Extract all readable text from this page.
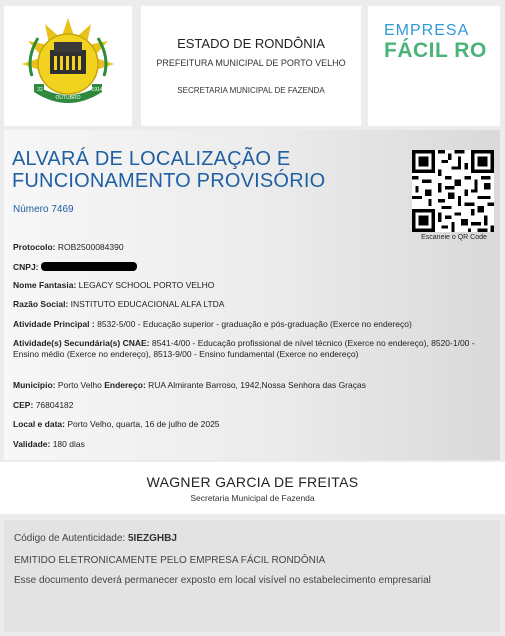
OUTUBRO
22	1914
ESTADO DE RONDÔNIA
PREFEITURA MUNICIPAL DE PORTO VELHO
SECRETARIA MUNICIPAL DE FAZENDA
EMPRESA
FÁCIL RO
ALVARÁ DE LOCALIZAÇÃO E FUNCIONAMENTO PROVISÓRIO
Número 7469
Escaneie o QR Code
Protocolo: ROB2500084390
CNPJ:
Nome Fantasia: LEGACY SCHOOL PORTO VELHO
Razão Social: INSTITUTO EDUCACIONAL ALFA LTDA
Atividade Principal : 8532-5/00 - Educação superior - graduação e pós-graduação (Exerce no endereço)
Atividade(s) Secundária(s) CNAE: 8541-4/00 - Educação profissional de nível técnico (Exerce no endereço), 8520-1/00 - Ensino médio (Exerce no endereço), 8513-9/00 - Ensino fundamental (Exerce no endereço)
Município: Porto Velho Endereço: RUA Almirante Barroso, 1942,Nossa Senhora das Graças
CEP: 76804182
Local e data: Porto Velho, quarta, 16 de julho de 2025
Validade: 180 dias
WAGNER GARCIA DE FREITAS
Secretaria Municipal de Fazenda
Código de Autenticidade: 5IEZGHBJ
EMITIDO ELETRONICAMENTE PELO EMPRESA FÁCIL RONDÔNIA
Esse documento deverá permanecer exposto em local visível no estabelecimento empresarial
